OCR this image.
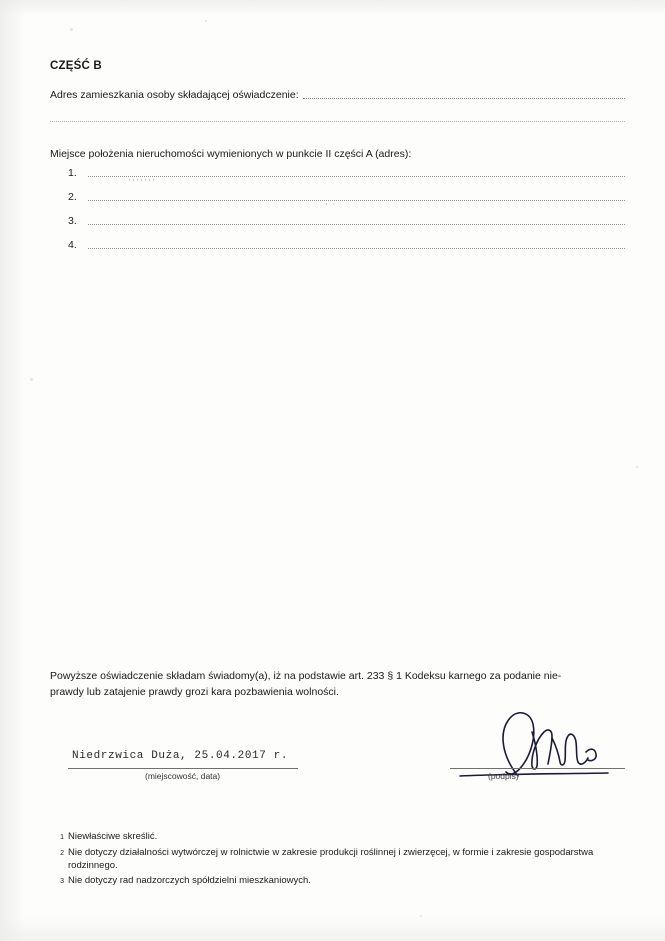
CZĘŚĆ B
Adres zamieszkania osoby składającej oświadczenie:
Miejsce położenia nieruchomości wymienionych w punkcie II części A (adres):
1.
2.
3.
4.
·······
· ·
Powyższe oświadczenie składam świadomy(a), iż na podstawie art. 233 § 1 Kodeksu karnego za podanie nie-
prawdy lub zatajenie prawdy grozi kara pozbawienia wolności.
Niedrzwica Duża, 25.04.2017 r.
(miejscowość, data)	(podpis)
1 Niewłaściwe skreślić.
2 Nie dotyczy działalności wytwórczej w rolnictwie w zakresie produkcji roślinnej i zwierzęcej, w formie i zakresie gospodarstwa rodzinnego.
3 Nie dotyczy rad nadzorczych spółdzielni mieszkaniowych.
